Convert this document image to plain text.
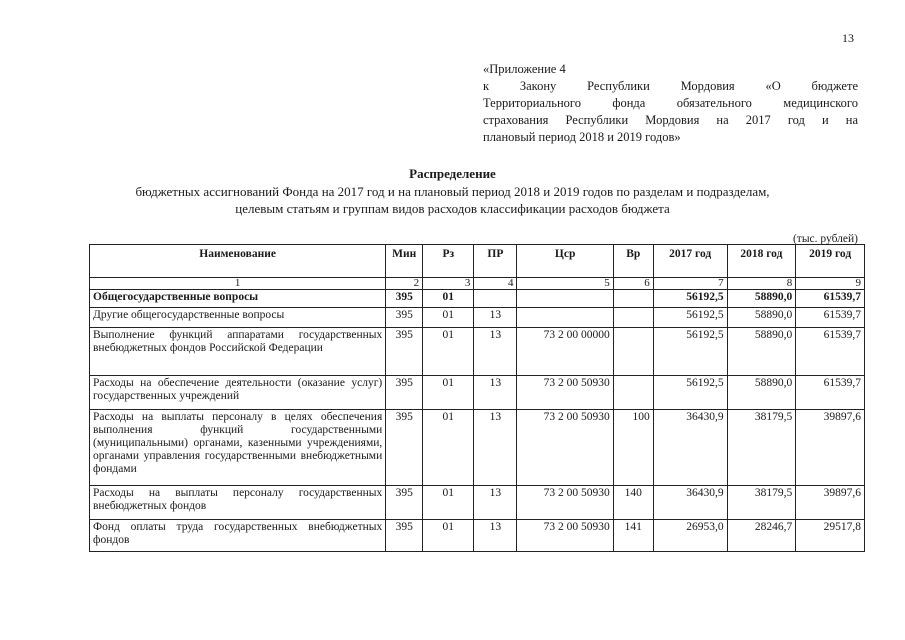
13
«Приложение 4
к Закону Республики Мордовия «О бюджете
Территориального фонда обязательного медицинского
страхования Республики Мордовия на 2017 год и на
плановый период 2018 и 2019 годов»
Распределение
бюджетных ассигнований Фонда на 2017 год и на плановый период 2018 и 2019 годов по разделам и подразделам,
целевым статьям и группам видов расходов классификации расходов бюджета
(тыс. рублей)
Наименование	Мин	Рз	ПР	Цср	Вр	2017 год	2018 год	2019 год
1	2	3	4	5	6	7	8	9
Общегосударственные вопросы	395	01				56192,5	58890,0	61539,7
Другие общегосударственные вопросы	395	01	13			56192,5	58890,0	61539,7
Выполнение функций аппаратами государственных внебюджетных фондов Российской Федерации	395	01	13	73 2 00 00000		56192,5	58890,0	61539,7
Расходы на обеспечение деятельности (оказание услуг) государственных учреждений	395	01	13	73 2 00 50930		56192,5	58890,0	61539,7
Расходы на выплаты персоналу в целях обеспечения выполнения функций государственными (муниципальными) органами, казенными учреждениями, органами управления государственными внебюджетными фондами	395	01	13	73 2 00 50930	100	36430,9	38179,5	39897,6
Расходы на выплаты персоналу государственных внебюджетных фондов	395	01	13	73 2 00 50930	140	36430,9	38179,5	39897,6
Фонд оплаты труда государственных внебюджетных фондов	395	01	13	73 2 00 50930	141	26953,0	28246,7	29517,8
